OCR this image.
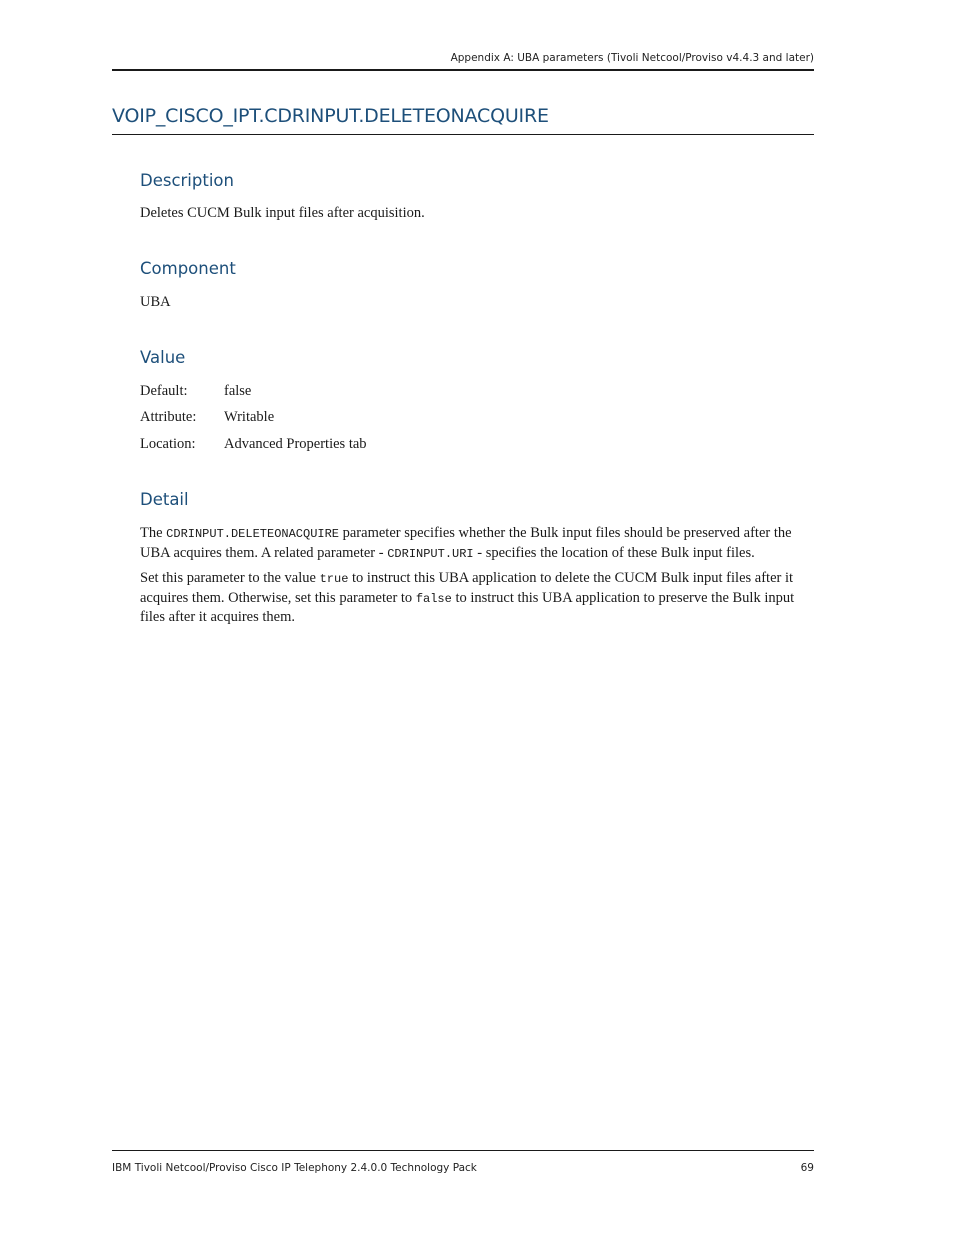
Appendix A: UBA parameters (Tivoli Netcool/Proviso v4.4.3 and later)
VOIP_CISCO_IPT.CDRINPUT.DELETEONACQUIRE
Description
Deletes CUCM Bulk input files after acquisition.
Component
UBA
Value
Default:	false
Attribute: Writable
Location: Advanced Properties tab
Detail
The CDRINPUT.DELETEONACQUIRE parameter specifies whether the Bulk input files should be preserved after the UBA acquires them. A related parameter - CDRINPUT.URI - specifies the location of these Bulk input files.
Set this parameter to the value true to instruct this UBA application to delete the CUCM Bulk input files after it acquires them. Otherwise, set this parameter to false to instruct this UBA application to preserve the Bulk input files after it acquires them.
IBM Tivoli Netcool/Proviso Cisco IP Telephony 2.4.0.0 Technology Pack	69
